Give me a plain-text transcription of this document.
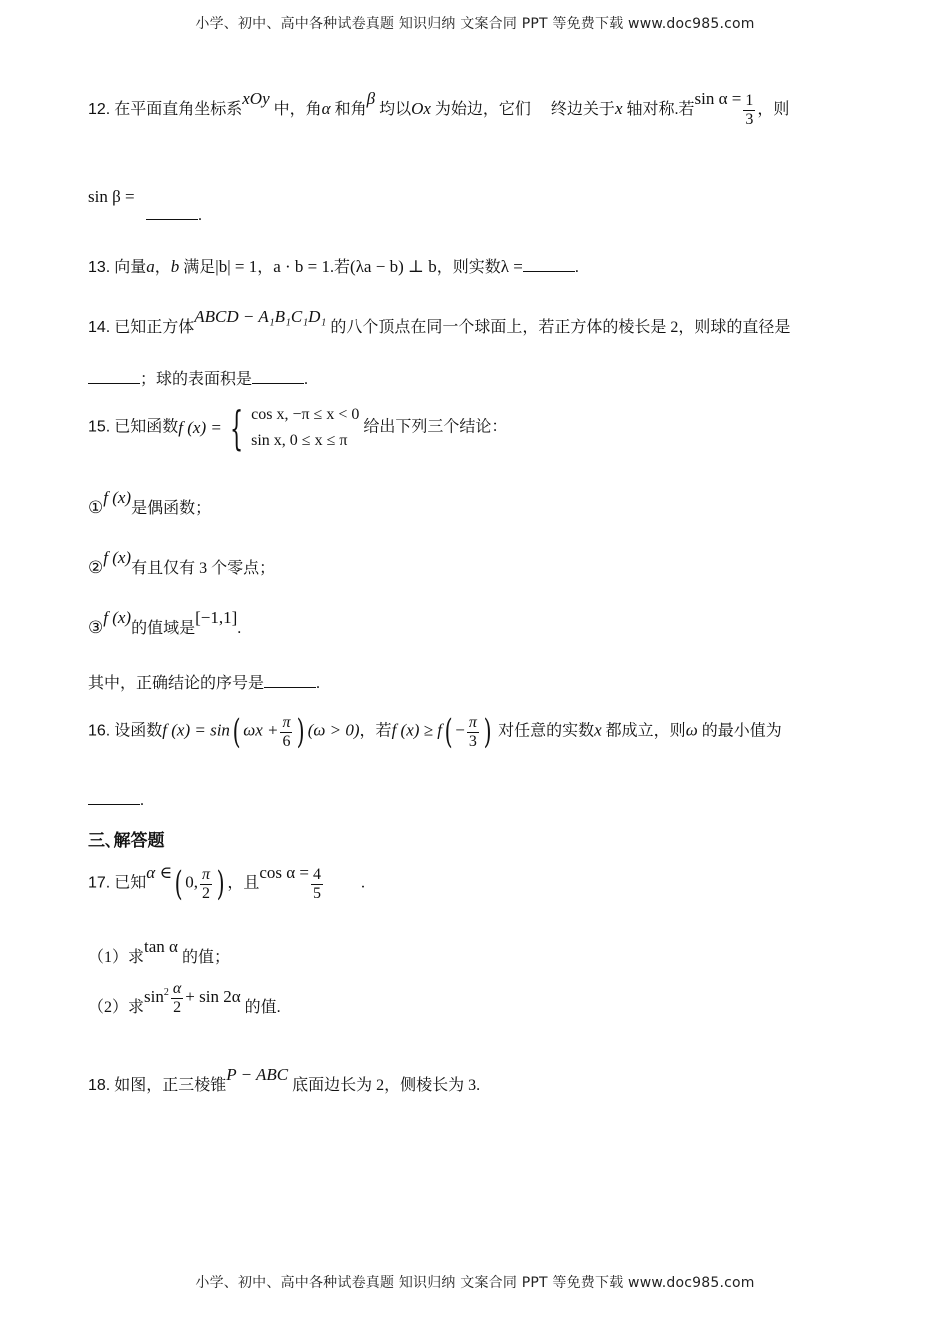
小学、初中、高中各种试卷真题 知识归纳 文案合同 PPT 等免费下载 www.doc985.com
12. 在平面直角坐标系xOy 中，角α 和角β 均以Ox 为始边，它们 　终边关于x 轴对称.若$\sin \alpha = \frac{1}{3}$ ，则
sin β =
.
13. 向量a，b 满足|b| = 1，a · b = 1.若(λa − b) ⊥ b，则实数λ =	.
14. 已知正方体ABCD − A₁B₁C₁D₁ 的八个顶点在同一个球面上，若正方体的棱长是 2，则球的直径是
；球的表面积是	.
15. 已知函数 f (x) = { cos x, −π ≤ x < 0
sin x, 0 ≤ x ≤ π
给出下列三个结论：
①f (x)是偶函数；
②f (x)有且仅有 3 个零点；
③f (x)的值域是[−1,1].
其中，正确结论的序号是	.
16. 设函数f (x) = sin( $\omega x + \frac{\pi}{6}$ ) (ω > 0)，若f $(x) \ge f( - \frac{\pi}{3}$ ) 对任意的实数x 都成立，则ω 的最小值为
.
三､解答题
17. 已知α ∈( 0, $\frac{\pi}{2}$ ) ，且$\cos \alpha = \frac{4}{5}$ .
（1）求tan α 的值；
（2）求$\sin^2 \frac{\alpha}{2} + \sin 2\alpha$ 的值.
18. 如图，正三棱锥P − ABC 底面边长为 2，侧棱长为 3.
小学、初中、高中各种试卷真题 知识归纳 文案合同 PPT 等免费下载 www.doc985.com
